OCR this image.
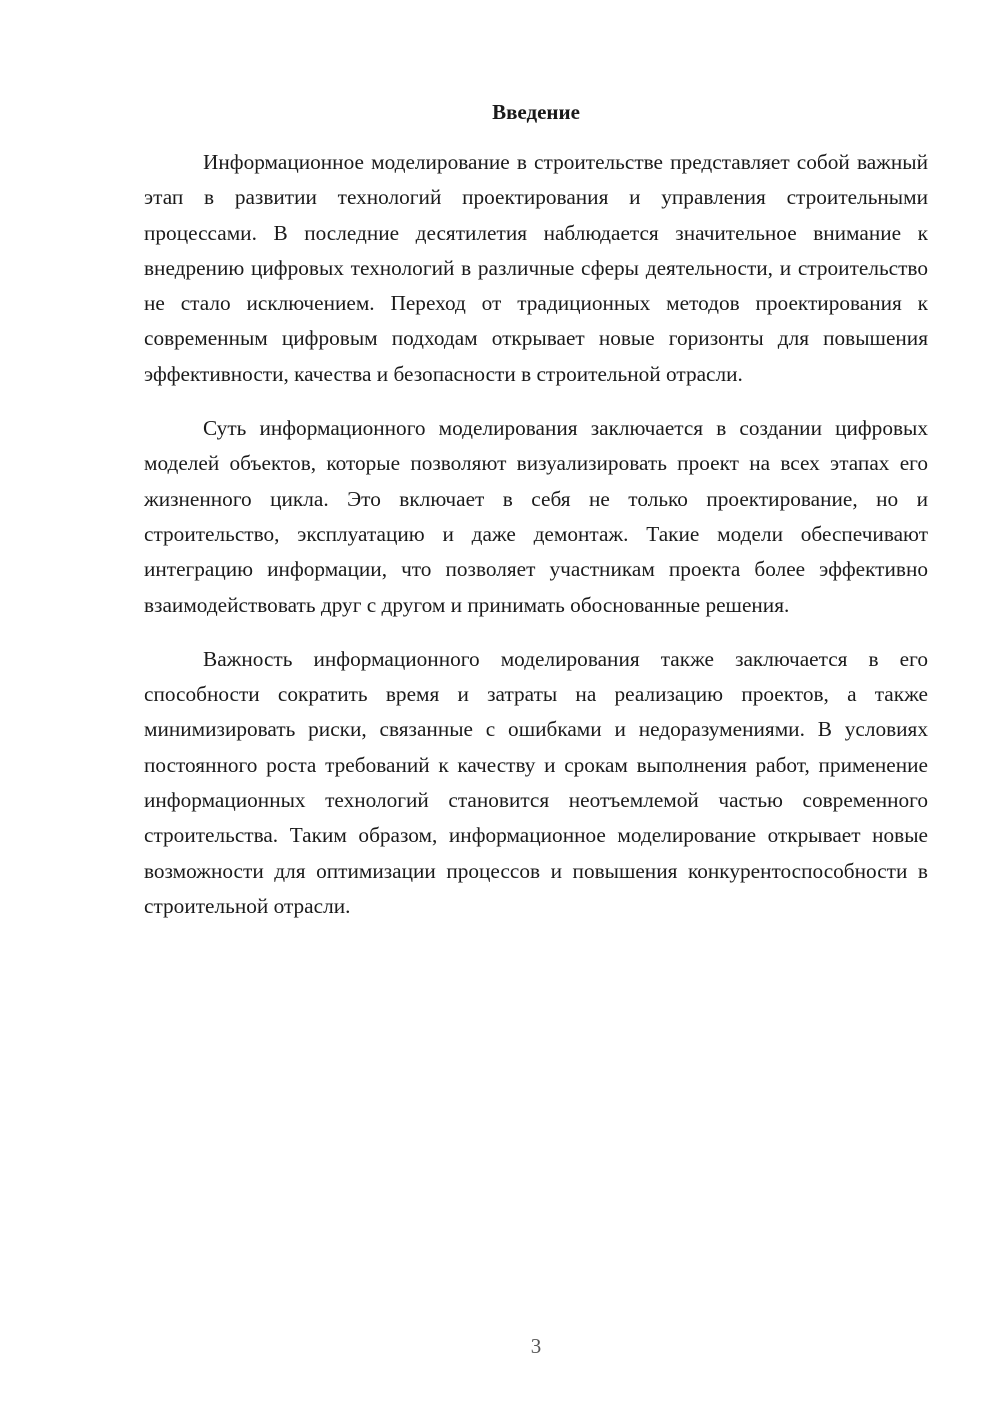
Введение

Информационное моделирование в строительстве представляет собой важный этап в развитии технологий проектирования и управления строительными процессами. В последние десятилетия наблюдается значительное внимание к внедрению цифровых технологий в различные сферы деятельности, и строительство не стало исключением. Переход от традиционных методов проектирования к современным цифровым подходам открывает новые горизонты для повышения эффективности, качества и безопасности в строительной отрасли.

Суть информационного моделирования заключается в создании цифровых моделей объектов, которые позволяют визуализировать проект на всех этапах его жизненного цикла. Это включает в себя не только проектирование, но и строительство, эксплуатацию и даже демонтаж. Такие модели обеспечивают интеграцию информации, что позволяет участникам проекта более эффективно взаимодействовать друг с другом и принимать обоснованные решения.

Важность информационного моделирования также заключается в его способности сократить время и затраты на реализацию проектов, а также минимизировать риски, связанные с ошибками и недоразумениями. В условиях постоянного роста требований к качеству и срокам выполнения работ, применение информационных технологий становится неотъемлемой частью современного строительства. Таким образом, информационное моделирование открывает новые возможности для оптимизации процессов и повышения конкурентоспособности в строительной отрасли.

3
